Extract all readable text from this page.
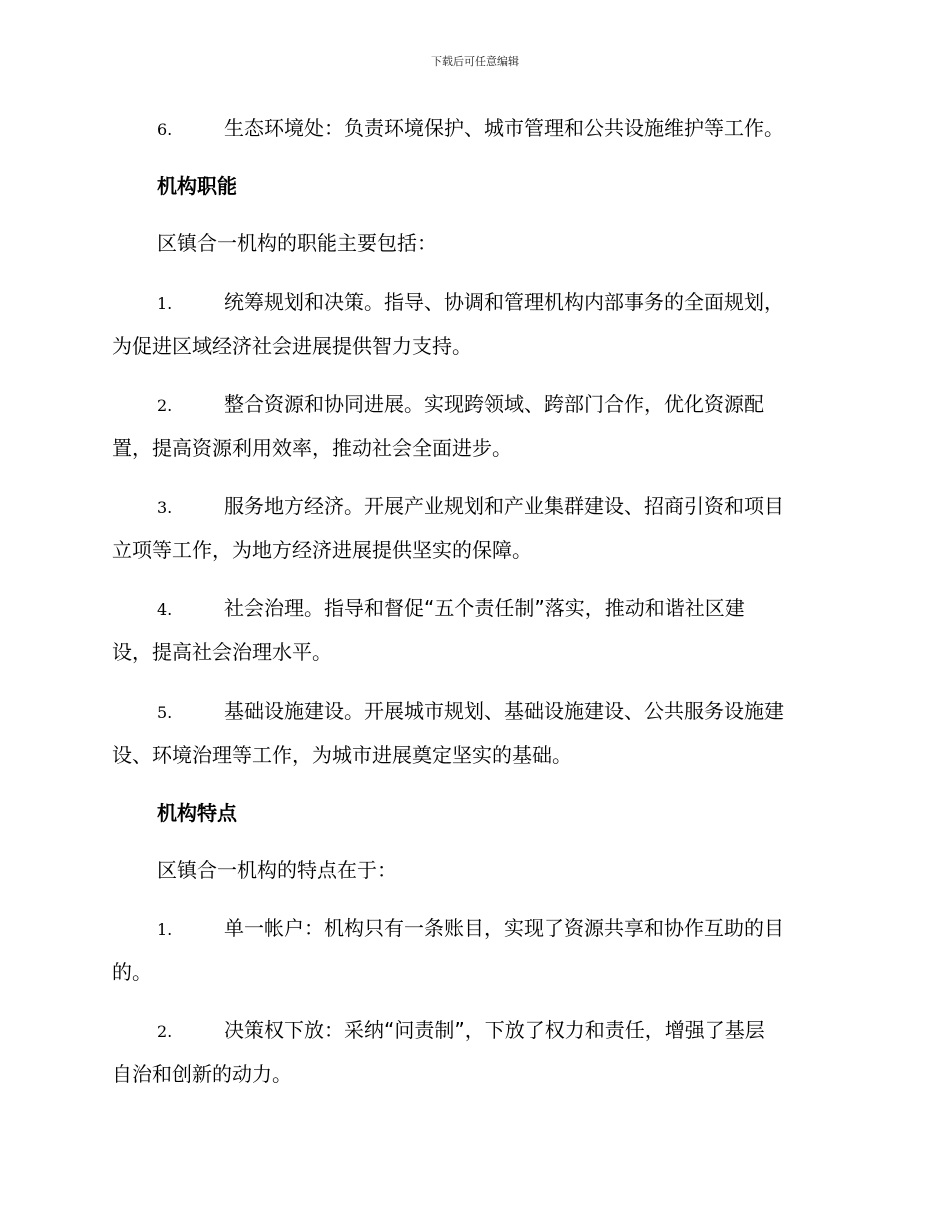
下载后可任意编辑
6.	生态环境处：负责环境保护、城市管理和公共设施维护等工作。
机构职能
区镇合一机构的职能主要包括：
1.	统筹规划和决策。指导、协调和管理机构内部事务的全面规划，
为促进区域经济社会进展提供智力支持。
2.	整合资源和协同进展。实现跨领域、跨部门合作，优化资源配
置，提高资源利用效率，推动社会全面进步。
3.	服务地方经济。开展产业规划和产业集群建设、招商引资和项目
立项等工作，为地方经济进展提供坚实的保障。
4.	社会治理。指导和督促“五个责任制”落实，推动和谐社区建
设，提高社会治理水平。
5.	基础设施建设。开展城市规划、基础设施建设、公共服务设施建
设、环境治理等工作，为城市进展奠定坚实的基础。
机构特点
区镇合一机构的特点在于：
1.	单一帐户：机构只有一条账目，实现了资源共享和协作互助的目
的。
2.	决策权下放：采纳“问责制”，下放了权力和责任，增强了基层
自治和创新的动力。
